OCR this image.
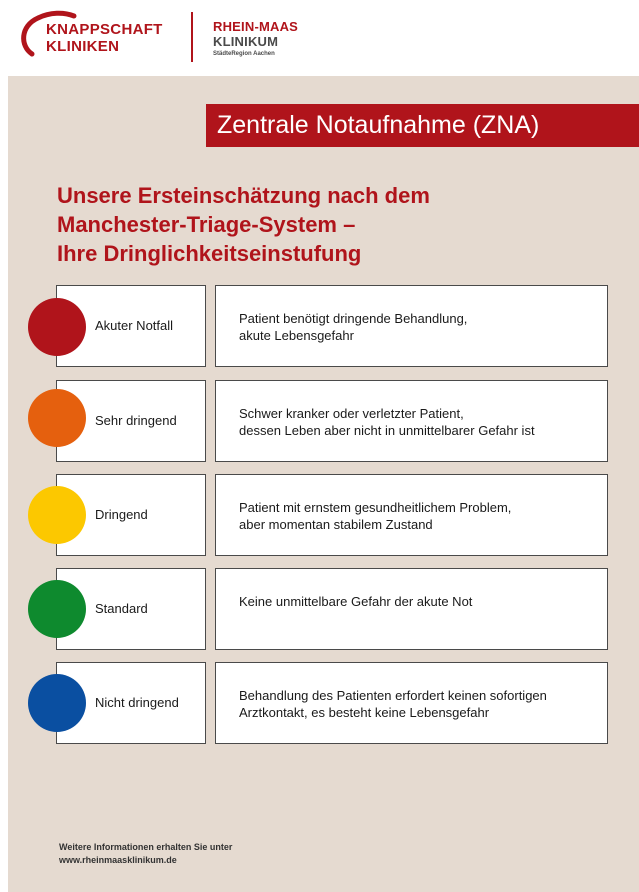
KNAPPSCHAFT
KLINIKEN
RHEIN-MAAS
KLINIKUM
StädteRegion Aachen
Zentrale Notaufnahme (ZNA)
Unsere Ersteinschätzung nach dem
Manchester-Triage-System –
Ihre Dringlichkeitseinstufung
Akuter Notfall	Patient benötigt dringende Behandlung,
akute Lebensgefahr
Sehr dringend	Schwer kranker oder verletzter Patient,
dessen Leben aber nicht in unmittelbarer Gefahr ist
Dringend	Patient mit ernstem gesundheitlichem Problem,
aber momentan stabilem Zustand
Standard	Keine unmittelbare Gefahr der akute Not
Nicht dringend	Behandlung des Patienten erfordert keinen sofortigen
Arztkontakt, es besteht keine Lebensgefahr
Weitere Informationen erhalten Sie unter
www.rheinmaasklinikum.de
